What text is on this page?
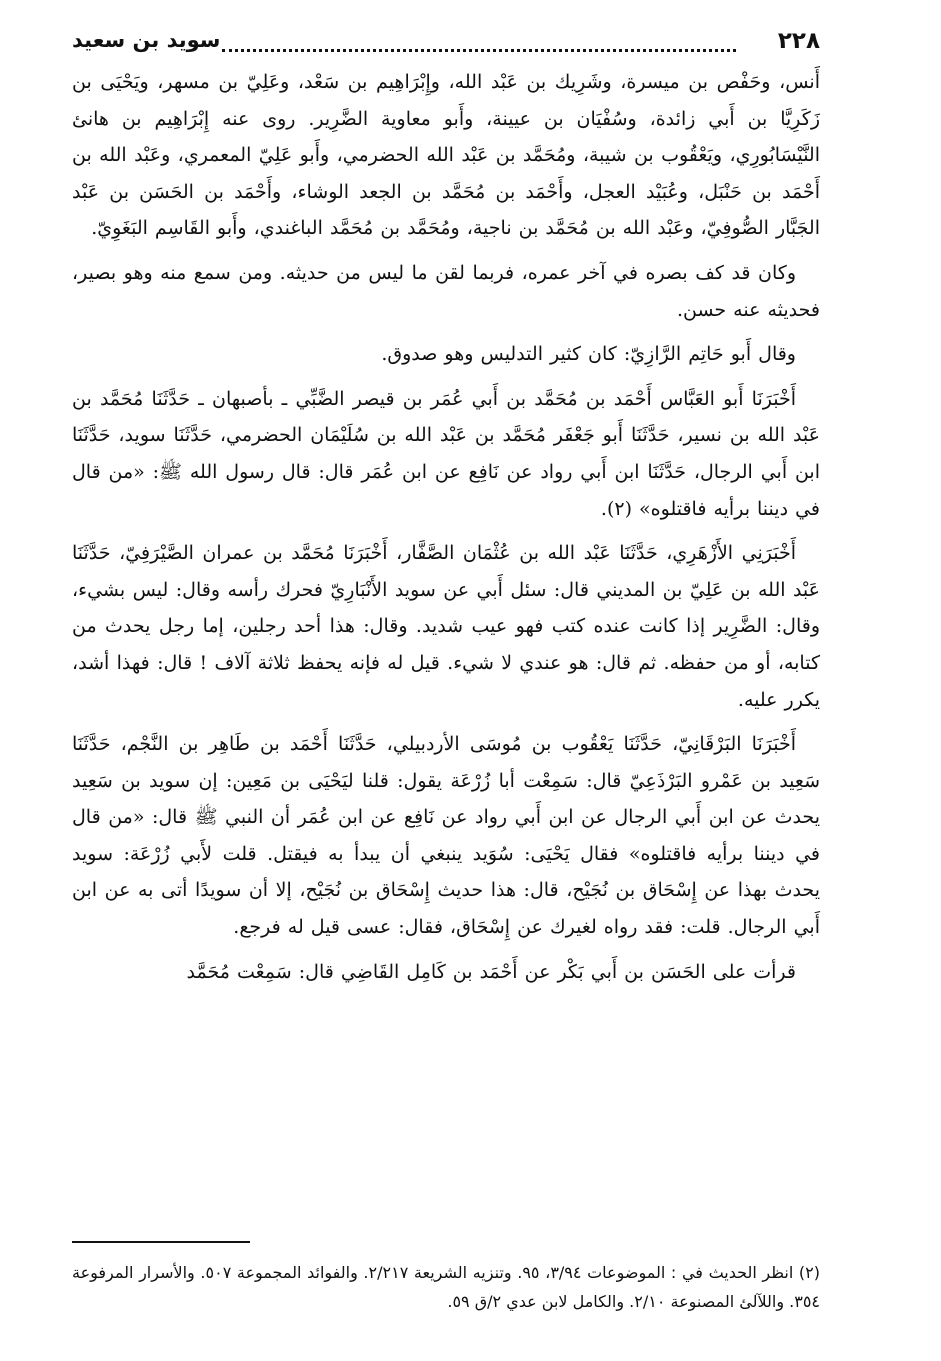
٢٢٨
سويد بن سعيد

أَنس، وحَفْص بن ميسرة، وشَرِيك بن عَبْد الله، وإِبْرَاهِيم بن سَعْد، وعَلِيّ بن مسهر، ويَحْيَى بن زَكَرِيَّا بن أَبي زائدة، وسُفْيَان بن عيينة، وأَبو معاوية الضَّرِير. روى عنه إِبْرَاهِيم بن هانئ النَّيْسَابُورِي، ويَعْقُوب بن شيبة، ومُحَمَّد بن عَبْد الله الحضرمي، وأَبو عَلِيّ المعمري، وعَبْد الله بن أَحْمَد بن حَنْبَل، وعُبَيْد العجل، وأَحْمَد بن مُحَمَّد بن الجعد الوشاء، وأَحْمَد بن الحَسَن بن عَبْد الجَبَّار الصُّوفِيّ، وعَبْد الله بن مُحَمَّد بن ناجية، ومُحَمَّد بن مُحَمَّد الباغندي، وأَبو القَاسِم البَغَوِيّ.

وكان قد كف بصره في آخر عمره، فربما لقن ما ليس من حديثه. ومن سمع منه وهو بصير، فحديثه عنه حسن.

وقال أَبو حَاتِم الرَّازِيّ: كان كثير التدليس وهو صدوق.

أَخْبَرَنَا أَبو العَبَّاس أَحْمَد بن مُحَمَّد بن أَبي عُمَر بن قيصر الضَّبِّي ـ بأصبهان ـ حَدَّثَنَا مُحَمَّد بن عَبْد الله بن نسير، حَدَّثَنَا أَبو جَعْفَر مُحَمَّد بن عَبْد الله بن سُلَيْمَان الحضرمي، حَدَّثَنَا سويد، حَدَّثَنَا ابن أَبي الرجال، حَدَّثَنَا ابن أَبي رواد عن نَافِع عن ابن عُمَر قال: قال رسول الله ﷺ: «من قال في ديننا برأيه فاقتلوه» (٢).

أَخْبَرَنِي الأَزْهَرِي، حَدَّثَنَا عَبْد الله بن عُثْمَان الصَّفَّار، أَخْبَرَنَا مُحَمَّد بن عمران الصَّيْرَفِيّ، حَدَّثَنَا عَبْد الله بن عَلِيّ بن المديني قال: سئل أَبي عن سويد الأَنْبَارِيّ فحرك رأسه وقال: ليس بشيء، وقال: الضَّرِير إذا كانت عنده كتب فهو عيب شديد. وقال: هذا أحد رجلين، إما رجل يحدث من كتابه، أو من حفظه. ثم قال: هو عندي لا شيء. قيل له فإنه يحفظ ثلاثة آلاف ! قال: فهذا أشد، يكرر عليه.

أَخْبَرَنَا البَرْقَانِيّ، حَدَّثَنَا يَعْقُوب بن مُوسَى الأردبيلي، حَدَّثَنَا أَحْمَد بن طَاهِر بن النَّجْم، حَدَّثَنَا سَعِيد بن عَمْرو البَرْذَعِيّ قال: سَمِعْت أبا زُرْعَة يقول: قلنا ليَحْيَى بن مَعِين: إن سويد بن سَعِيد يحدث عن ابن أَبي الرجال عن ابن أَبي رواد عن نَافِع عن ابن عُمَر أن النبي ﷺ قال: «من قال في ديننا برأيه فاقتلوه» فقال يَحْيَى: سُوَيد ينبغي أن يبدأ به فيقتل. قلت لأَبي زُرْعَة: سويد يحدث بهذا عن إِسْحَاق بن نُجَيْح، قال: هذا حديث إِسْحَاق بن نُجَيْح، إلا أن سويدًا أتى به عن ابن أَبي الرجال. قلت: فقد رواه لغيرك عن إِسْحَاق، فقال: عسى قيل له فرجع.

قرأت على الحَسَن بن أَبي بَكْر عن أَحْمَد بن كَامِل القَاضِي قال: سَمِعْت مُحَمَّد

(٢) انظر الحديث في : الموضوعات ٣/٩٤، ٩٥. وتنزيه الشريعة ٢/٢١٧. والفوائد المجموعة ٥٠٧. والأسرار المرفوعة ٣٥٤. واللآلئ المصنوعة ٢/١٠. والكامل لابن عدي ٢/ق ٥٩.
